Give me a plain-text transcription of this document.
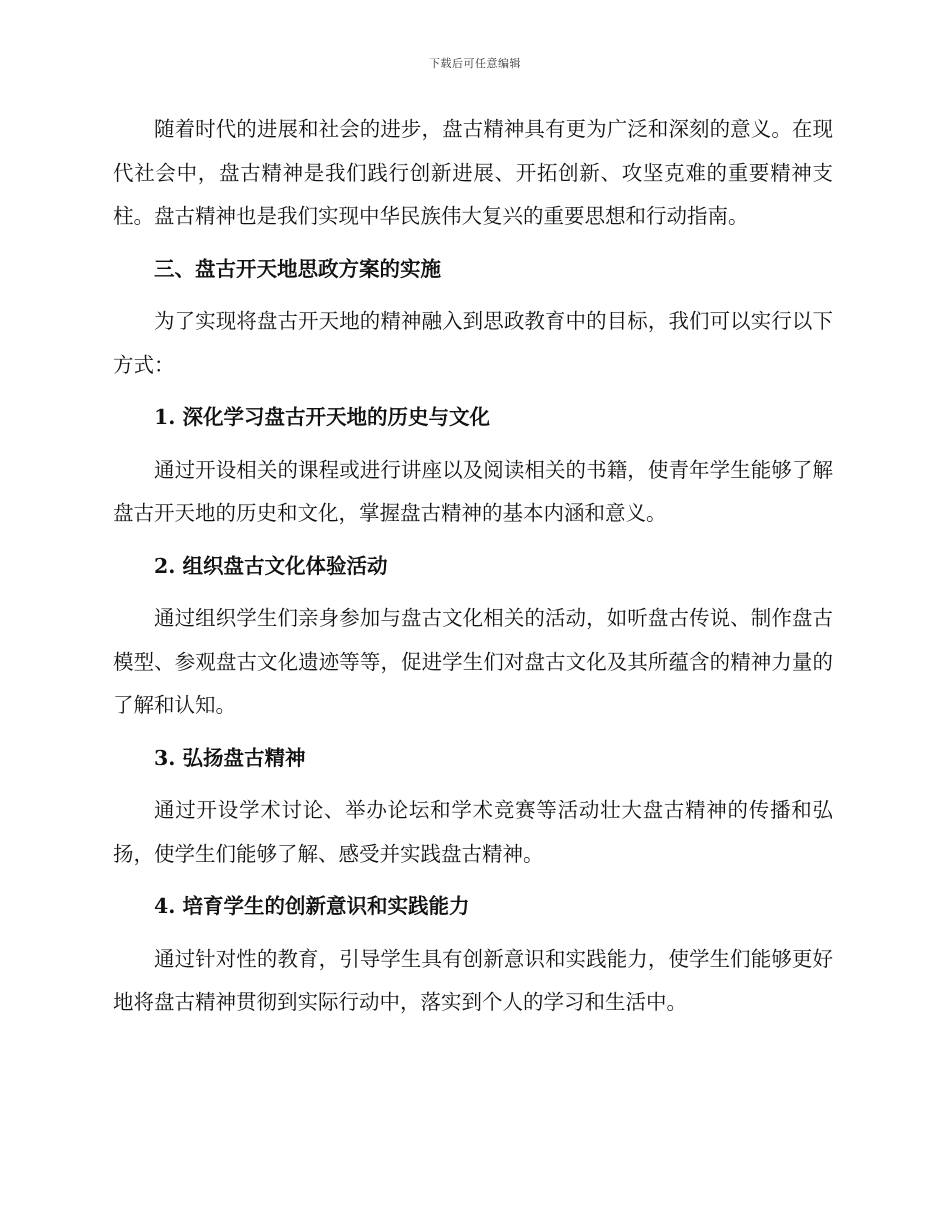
下载后可任意编辑

随着时代的进展和社会的进步，盘古精神具有更为广泛和深刻的意义。在现代社会中，盘古精神是我们践行创新进展、开拓创新、攻坚克难的重要精神支柱。盘古精神也是我们实现中华民族伟大复兴的重要思想和行动指南。

三、盘古开天地思政方案的实施

为了实现将盘古开天地的精神融入到思政教育中的目标，我们可以实行以下方式：

1. 深化学习盘古开天地的历史与文化

通过开设相关的课程或进行讲座以及阅读相关的书籍，使青年学生能够了解盘古开天地的历史和文化，掌握盘古精神的基本内涵和意义。

2. 组织盘古文化体验活动

通过组织学生们亲身参加与盘古文化相关的活动，如听盘古传说、制作盘古模型、参观盘古文化遗迹等等，促进学生们对盘古文化及其所蕴含的精神力量的了解和认知。

3. 弘扬盘古精神

通过开设学术讨论、举办论坛和学术竞赛等活动壮大盘古精神的传播和弘扬，使学生们能够了解、感受并实践盘古精神。

4. 培育学生的创新意识和实践能力

通过针对性的教育，引导学生具有创新意识和实践能力，使学生们能够更好地将盘古精神贯彻到实际行动中，落实到个人的学习和生活中。
